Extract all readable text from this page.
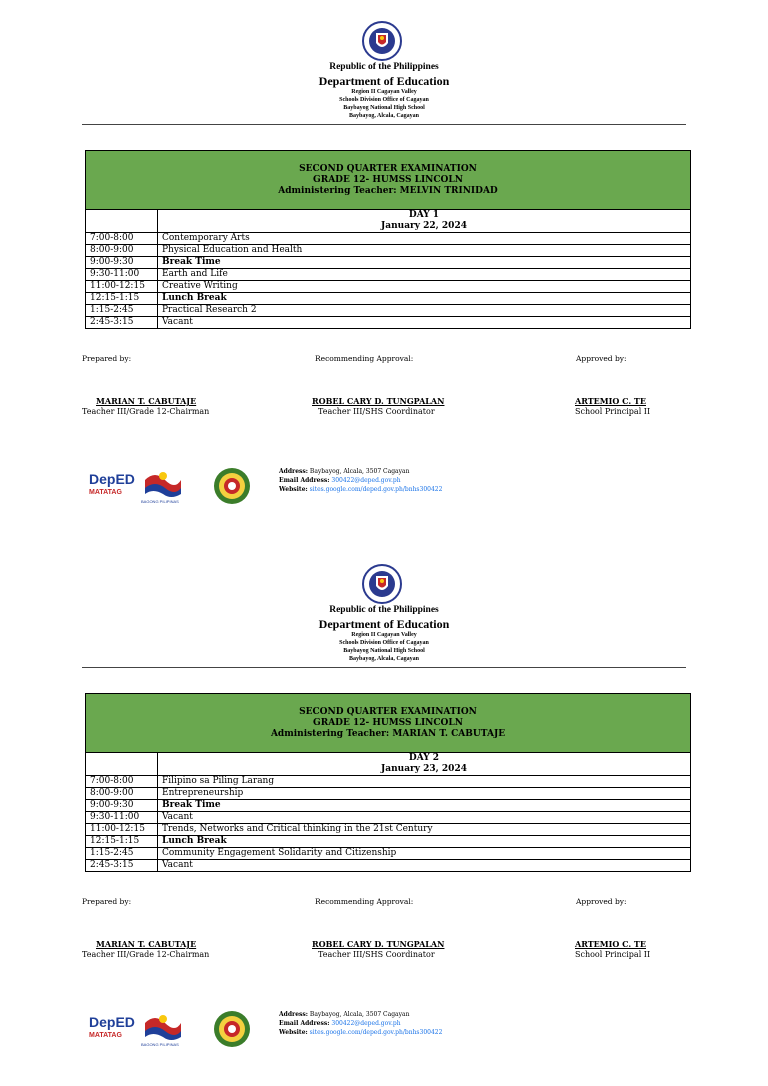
Republic of the Philippines
Department of Education
Region II Cagayan Valley
Schools Division Office of Cagayan
Baybayog National High School
Baybayog, Alcala, Cagayan
SECOND QUARTER EXAMINATION
GRADE 12- HUMSS LINCOLN
Administering Teacher: MELVIN TRINIDAD	

	DAY 1
January 22, 2024

7:00-8:00	Contemporary Arts
8:00-9:00	Physical Education and Health
9:00-9:30	Break Time
9:30-11:00	Earth and Life
11:00-12:15	Creative Writing
12:15-1:15	Lunch Break
1:15-2:45	Practical Research 2
2:45-3:15	Vacant
Prepared by:	Recommending Approval:	Approved by:
MARIAN T. CABUTAJE
Teacher III/Grade 12-Chairman
ROBEL CARY D. TUNGPALAN
Teacher III/SHS Coordinator
ARTEMIO C. TE
School Principal II
DepED
MATATAG
BAGONG PILIPINAS
Address: Baybayog, Alcala, 3507 Cagayan
Email Address: 300422@deped.gov.ph
Website: sites.google.com/deped.gov.ph/bnhs300422
Republic of the Philippines
Department of Education
Region II Cagayan Valley
Schools Division Office of Cagayan
Baybayog National High School
Baybayog, Alcala, Cagayan
SECOND QUARTER EXAMINATION
GRADE 12- HUMSS LINCOLN
Administering Teacher: MARIAN T. CABUTAJE	

	DAY 2
January 23, 2024

7:00-8:00	Filipino sa Piling Larang
8:00-9:00	Entrepreneurship
9:00-9:30	Break Time
9:30-11:00	Vacant
11:00-12:15	Trends, Networks and Critical thinking in the 21st Century
12:15-1:15	Lunch Break
1:15-2:45	Community Engagement Solidarity and Citizenship
2:45-3:15	Vacant
Prepared by:	Recommending Approval:	Approved by:
MARIAN T. CABUTAJE
Teacher III/Grade 12-Chairman
ROBEL CARY D. TUNGPALAN
Teacher III/SHS Coordinator
ARTEMIO C. TE
School Principal II
DepED
MATATAG
BAGONG PILIPINAS
Address: Baybayog, Alcala, 3507 Cagayan
Email Address: 300422@deped.gov.ph
Website: sites.google.com/deped.gov.ph/bnhs300422
